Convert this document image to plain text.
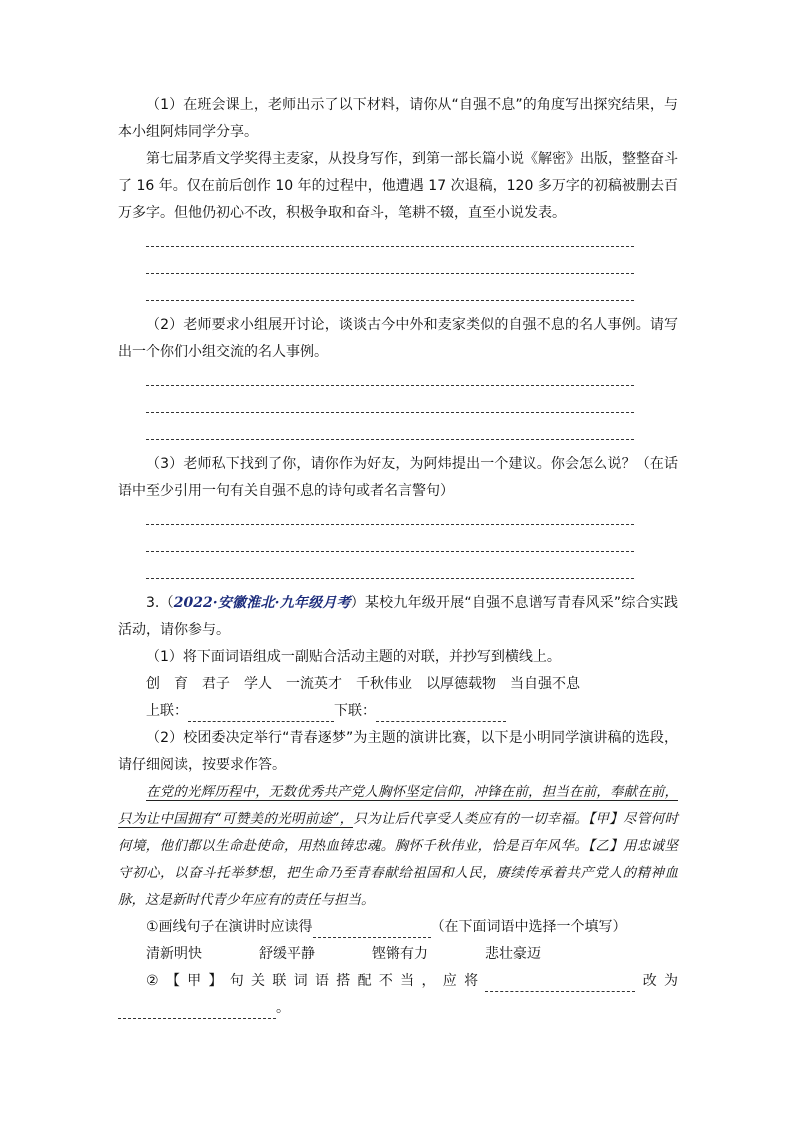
（1）在班会课上，老师出示了以下材料，请你从“自强不息”的角度写出探究结果，与本小组阿炜同学分享。

第七届茅盾文学奖得主麦家，从投身写作，到第一部长篇小说《解密》出版，整整奋斗了 16 年。仅在前后创作 10 年的过程中，他遭遇 17 次退稿，120 多万字的初稿被删去百万多字。但他仍初心不改，积极争取和奋斗，笔耕不辍，直至小说发表。

（2）老师要求小组展开讨论，谈谈古今中外和麦家类似的自强不息的名人事例。请写出一个你们小组交流的名人事例。

（3）老师私下找到了你，请你作为好友，为阿炜提出一个建议。你会怎么说？（在话语中至少引用一句有关自强不息的诗句或者名言警句）

3.（2022·安徽淮北·九年级月考）某校九年级开展“自强不息谱写青春风采”综合实践活动，请你参与。

（1）将下面词语组成一副贴合活动主题的对联，并抄写到横线上。

创 育 君子 学人 一流英才 千秋伟业 以厚德载物 当自强不息

上联：	下联：

（2）校团委决定举行“青春逐梦”为主题的演讲比赛，以下是小明同学演讲稿的选段，请仔细阅读，按要求作答。

在党的光辉历程中，无数优秀共产党人胸怀坚定信仰，冲锋在前，担当在前，奉献在前，只为让中国拥有“可赞美的光明前途”，只为让后代享受人类应有的一切幸福。【甲】尽管何时何境，他们都以生命赴使命，用热血铸忠魂。胸怀千秋伟业，恰是百年风华。【乙】用忠诚坚守初心，以奋斗托举梦想，把生命乃至青春献给祖国和人民，赓续传承着共产党人的精神血脉，这是新时代青少年应有的责任与担当。

①画线句子在演讲时应读得	（在下面词语中选择一个填写）

清新明快	舒缓平静	铿锵有力	悲壮豪迈

②【甲】句关联词语搭配不当，应将	改为 。
